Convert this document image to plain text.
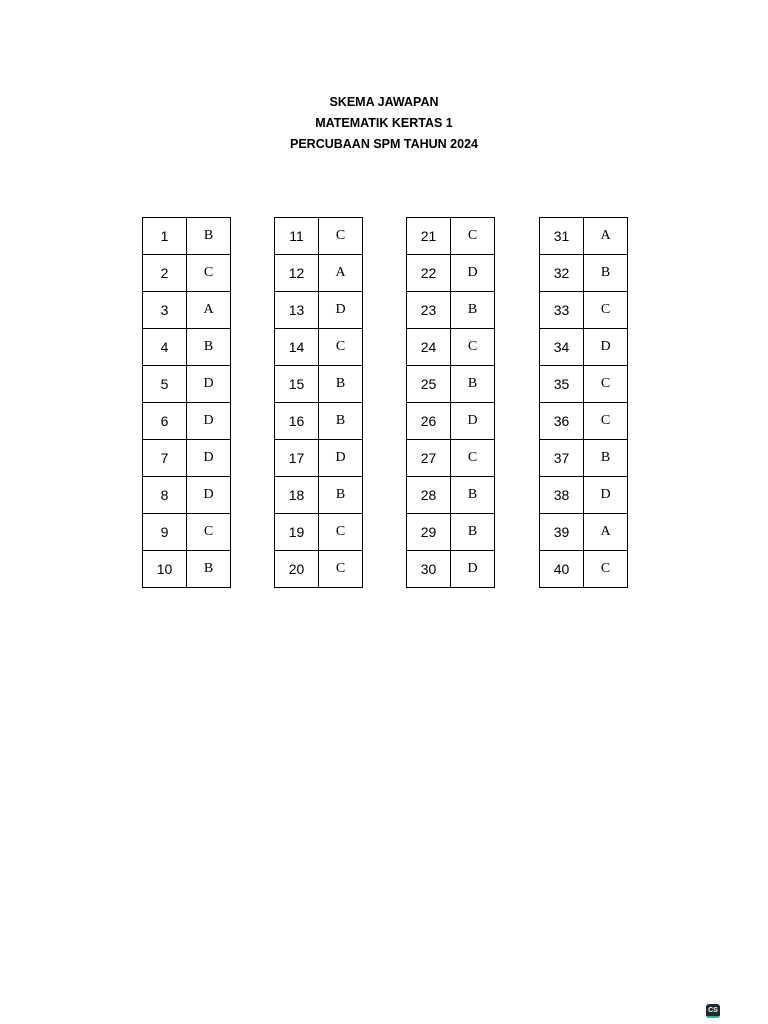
SKEMA JAWAPAN
MATEMATIK KERTAS 1
PERCUBAAN SPM TAHUN 2024
1	B
2	C
3	A
4	B
5	D
6	D
7	D
8	D
9	C
10	B
11	C
12	A
13	D
14	C
15	B
16	B
17	D
18	B
19	C
20	C
21	C
22	D
23	B
24	C
25	B
26	D
27	C
28	B
29	B
30	D
31	A
32	B
33	C
34	D
35	C
36	C
37	B
38	D
39	A
40	C
CS
